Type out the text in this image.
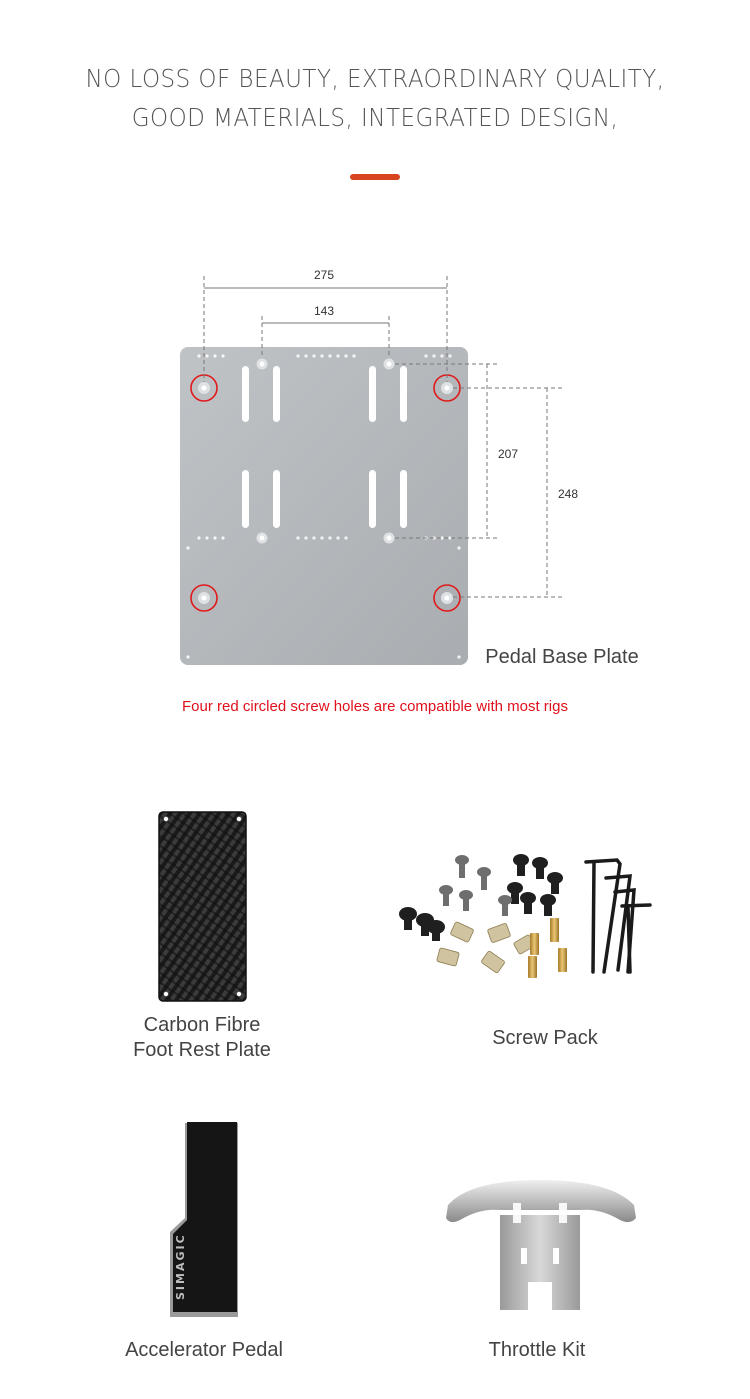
NO LOSS OF BEAUTY, EXTRAORDINARY QUALITY,
GOOD MATERIALS, INTEGRATED DESIGN,
275
143
207
248
SIMAGIC
Pedal Base Plate
Four red circled screw holes are compatible with most rigs
Carbon Fibre
Foot Rest Plate
Screw Pack
Accelerator Pedal	Throttle Kit
